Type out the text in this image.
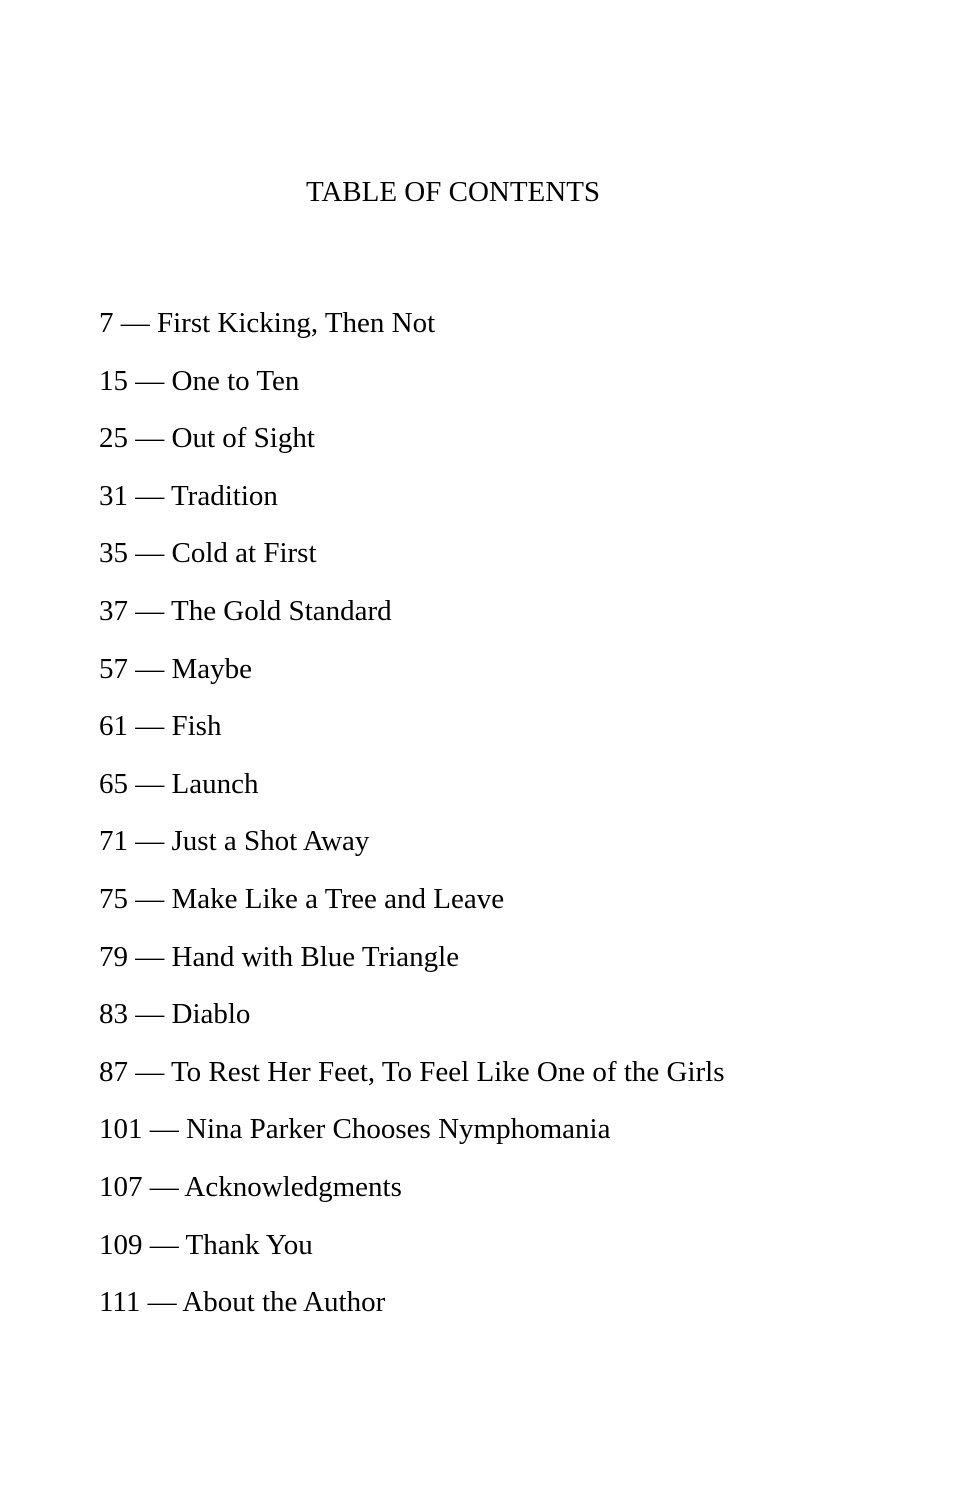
TABLE OF CONTENTS
7 — First Kicking, Then Not
15 — One to Ten
25 — Out of Sight
31 — Tradition
35 — Cold at First
37 — The Gold Standard
57 — Maybe
61 — Fish
65 — Launch
71 — Just a Shot Away
75 — Make Like a Tree and Leave
79 — Hand with Blue Triangle
83 — Diablo
87 — To Rest Her Feet, To Feel Like One of the Girls
101 — Nina Parker Chooses Nymphomania
107 — Acknowledgments
109 — Thank You
111 — About the Author
